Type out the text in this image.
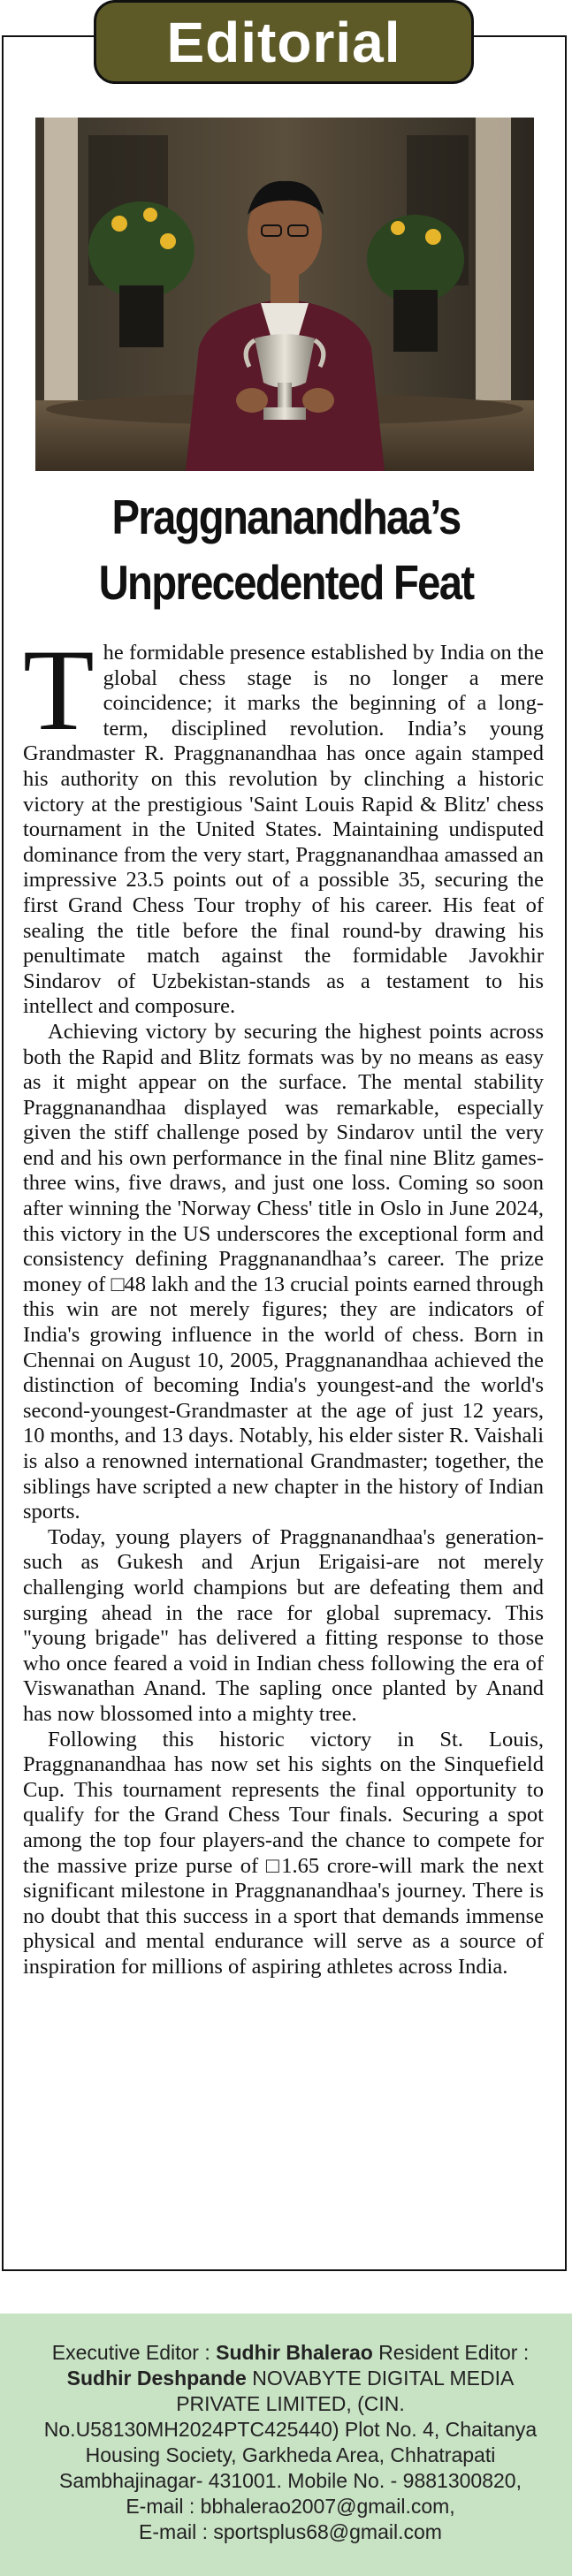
Editorial
Praggnanandhaa’s
Unprecedented Feat

The formidable presence established by India on the global chess stage is no longer a mere coincidence; it marks the beginning of a long-term, disciplined revolution. India’s young Grandmaster R. Praggnanandhaa has once again stamped his authority on this revolution by clinching a historic victory at the prestigious 'Saint Louis Rapid & Blitz' chess tournament in the United States. Maintaining undisputed dominance from the very start, Praggnanandhaa amassed an impressive 23.5 points out of a possible 35, securing the first Grand Chess Tour trophy of his career. His feat of sealing the title before the final round-by drawing his penultimate match against the formidable Javokhir Sindarov of Uzbekistan-stands as a testament to his intellect and composure.

Achieving victory by securing the highest points across both the Rapid and Blitz formats was by no means as easy as it might appear on the surface. The mental stability Praggnanandhaa displayed was remarkable, especially given the stiff challenge posed by Sindarov until the very end and his own performance in the final nine Blitz games-three wins, five draws, and just one loss. Coming so soon after winning the 'Norway Chess' title in Oslo in June 2024, this victory in the US underscores the exceptional form and consistency defining Praggnanandhaa’s career. The prize money of □48 lakh and the 13 crucial points earned through this win are not merely figures; they are indicators of India's growing influence in the world of chess. Born in Chennai on August 10, 2005, Praggnanandhaa achieved the distinction of becoming India's youngest-and the world's second-youngest-Grandmaster at the age of just 12 years, 10 months, and 13 days. Notably, his elder sister R. Vaishali is also a renowned international Grandmaster; together, the siblings have scripted a new chapter in the history of Indian sports.

Today, young players of Praggnanandhaa's generation-such as Gukesh and Arjun Erigaisi-are not merely challenging world champions but are defeating them and surging ahead in the race for global supremacy. This "young brigade" has delivered a fitting response to those who once feared a void in Indian chess following the era of Viswanathan Anand. The sapling once planted by Anand has now blossomed into a mighty tree.

Following this historic victory in St. Louis, Praggnanandhaa has now set his sights on the Sinquefield Cup. This tournament represents the final opportunity to qualify for the Grand Chess Tour finals. Securing a spot among the top four players-and the chance to compete for the massive prize purse of □1.65 crore-will mark the next significant milestone in Praggnanandhaa's journey. There is no doubt that this success in a sport that demands immense physical and mental endurance will serve as a source of inspiration for millions of aspiring athletes across India.

Executive Editor : Sudhir Bhalerao Resident Editor : Sudhir Deshpande NOVABYTE DIGITAL MEDIA PRIVATE LIMITED, (CIN. No.U58130MH2024PTC425440) Plot No. 4, Chaitanya Housing Society, Garkheda Area, Chhatrapati Sambhajinagar- 431001. Mobile No. - 9881300820,
E-mail : bbhalerao2007@gmail.com,
E-mail : sportsplus68@gmail.com
